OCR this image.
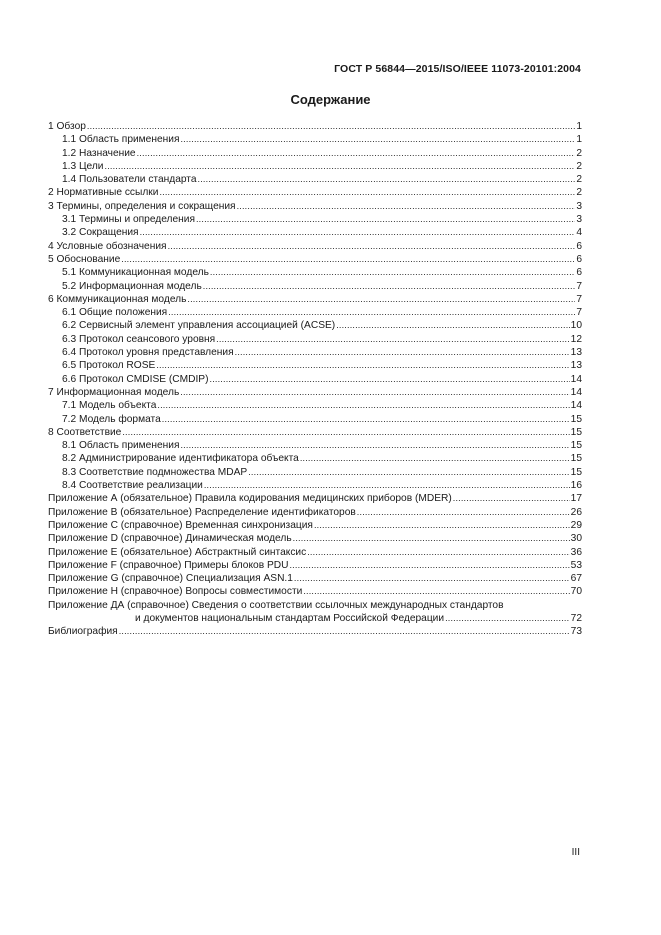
ГОСТ Р 56844—2015/ISO/IEEE 11073-20101:2004
Содержание
1 Обзор .....	1
1.1 Область применения .....	1
1.2 Назначение .....	2
1.3 Цели .....	2
1.4 Пользователи стандарта .....	2
2 Нормативные ссылки .....	2
3 Термины, определения и сокращения .....	3
3.1 Термины и определения .....	3
3.2 Сокращения .....	4
4 Условные обозначения .....	6
5 Обоснование .....	6
5.1 Коммуникационная модель .....	6
5.2 Информационная модель .....	7
6 Коммуникационная модель .....	7
6.1 Общие положения .....	7
6.2 Сервисный элемент управления ассоциацией (ACSE) .....	10
6.3 Протокол сеансового уровня .....	12
6.4 Протокол уровня представления .....	13
6.5 Протокол ROSE .....	13
6.6 Протокол CMDISE (CMDIP) .....	14
7 Информационная модель .....	14
7.1 Модель объекта .....	14
7.2 Модель формата .....	15
8 Соответствие .....	15
8.1 Область применения .....	15
8.2 Администрирование идентификатора объекта .....	15
8.3 Соответствие подмножества MDAP .....	15
8.4 Соответствие реализации .....	16
Приложение А (обязательное) Правила кодирования медицинских приборов (MDER) .....	17
Приложение В (обязательное) Распределение идентификаторов .....	26
Приложение С (справочное) Временная синхронизация .....	29
Приложение D (справочное) Динамическая модель .....	30
Приложение E (обязательное) Абстрактный синтаксис .....	36
Приложение F (справочное) Примеры блоков PDU .....	53
Приложение G (справочное) Специализация ASN.1 .....	67
Приложение Н (справочное) Вопросы совместимости .....	70
Приложение ДА (справочное) Сведения о соответствии ссылочных международных стандартов
и документов национальным стандартам Российской Федерации .....	72
Библиография .....	73
III
